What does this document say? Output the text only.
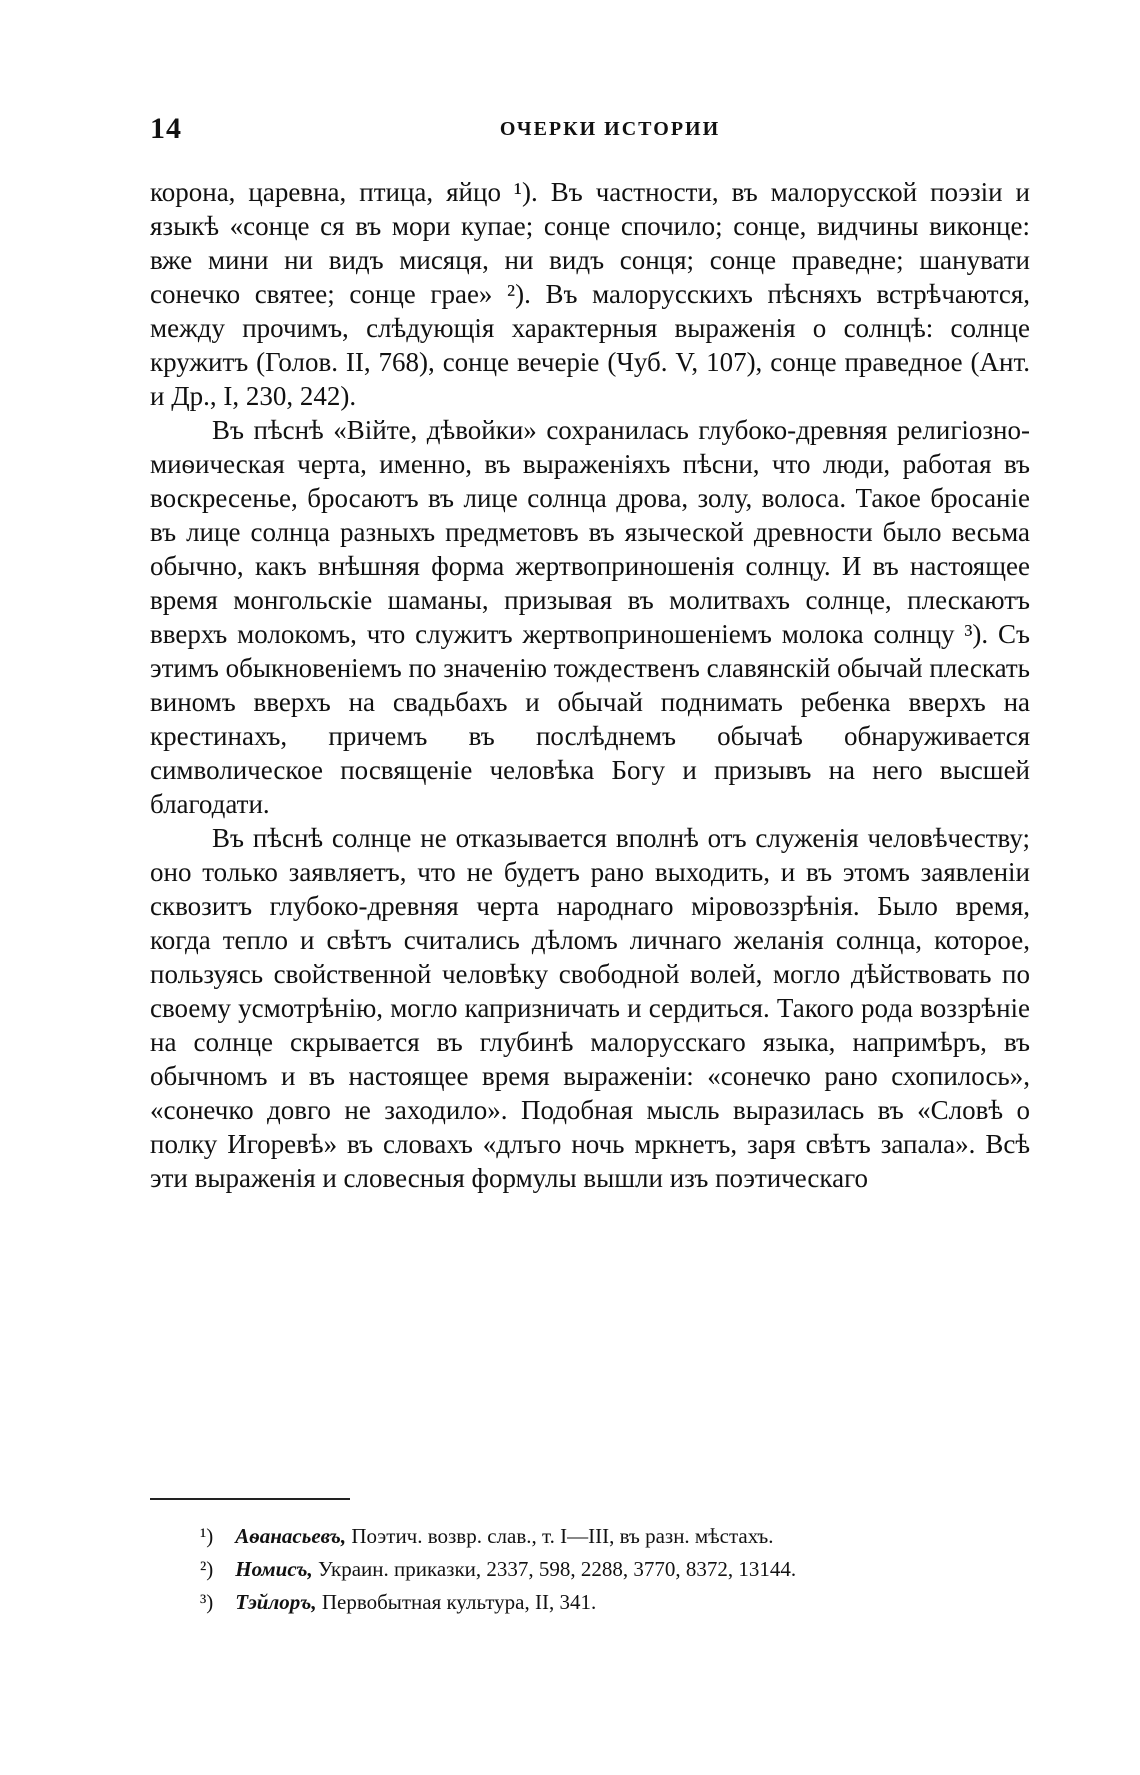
14	ОЧЕРКИ ИСТОРИИ

корона, царевна, птица, яйцо ¹). Въ частности, въ малорусской поэзіи и языкѣ «сонце ся въ мори купае; сонце спочило; сонце, видчины виконце: вже мини ни видъ мисяця, ни видъ сонця; сонце праведне; шанувати сонечко святее; сонце грае» ²). Въ малорусскихъ пѣсняхъ встрѣчаются, между прочимъ, слѣдующія характерныя выраженія о солнцѣ: солнце кружитъ (Голов. II, 768), сонце вечеріе (Чуб. V, 107), сонце праведное (Ант. и Др., I, 230, 242).

Въ пѣснѣ «Війте, дѣвойки» сохранилась глубоко-древняя религіозно-миѳическая черта, именно, въ выраженіяхъ пѣсни, что люди, работая въ воскресенье, бросаютъ въ лице солнца дрова, золу, волоса. Такое бросаніе въ лице солнца разныхъ предметовъ въ языческой древности было весьма обычно, какъ внѣшняя форма жертвоприношенія солнцу. И въ настоящее время монгольскіе шаманы, призывая въ молитвахъ солнце, плескаютъ вверхъ молокомъ, что служитъ жертвоприношеніемъ молока солнцу ³). Съ этимъ обыкновеніемъ по значенію тождественъ славянскій обычай плескать виномъ вверхъ на свадьбахъ и обычай поднимать ребенка вверхъ на крестинахъ, причемъ въ послѣднемъ обычаѣ обнаруживается символическое посвященіе человѣка Богу и призывъ на него высшей благодати.

Въ пѣснѣ солнце не отказывается вполнѣ отъ служенія человѣчеству; оно только заявляетъ, что не будетъ рано выходить, и въ этомъ заявленіи сквозитъ глубоко-древняя черта народнаго міровоззрѣнія. Было время, когда тепло и свѣтъ считались дѣломъ личнаго желанія солнца, которое, пользуясь свойственной человѣку свободной волей, могло дѣйствовать по своему усмотрѣнію, могло капризничать и сердиться. Такого рода воззрѣніе на солнце скрывается въ глубинѣ малорусскаго языка, напримѣръ, въ обычномъ и въ настоящее время выраженіи: «сонечко рано схопилось», «сонечко довго не заходило». Подобная мысль выразилась въ «Словѣ о полку Игоревѣ» въ словахъ «длъго ночь мркнетъ, заря свѣтъ запала». Всѣ эти выраженія и словесныя формулы вышли изъ поэтическаго

¹) Аѳанасьевъ, Поэтич. возвр. слав., т. I—III, въ разн. мѣстахъ.
²) Номисъ, Украин. приказки, 2337, 598, 2288, 3770, 8372, 13144.
³) Тэйлоръ, Первобытная культура, II, 341.
